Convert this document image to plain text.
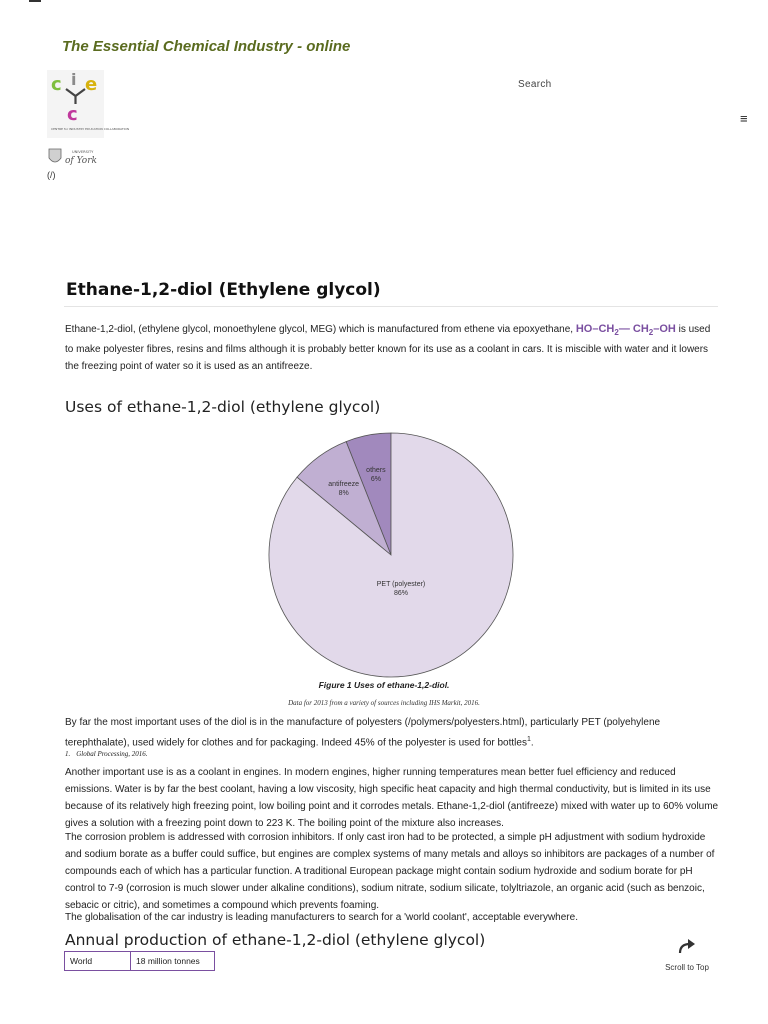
The Essential Chemical Industry - online

c i e
c
CENTRE for INDUSTRY EDUCATION COLLABORATION
UNIVERSITY
of York
(/)
Search
≡
Ethane-1,2-diol (Ethylene glycol)

Ethane-1,2-diol, (ethylene glycol, monoethylene glycol, MEG) which is manufactured from ethene via epoxyethane, $HO-CH_2—$ $CH_2-OH$ is used to make polyester fibres, resins and films although it is probably better known for its use as a coolant in cars. It is miscible with water and it lowers the freezing point of water so it is used as an antifreeze.

Uses of ethane-1,2-diol (ethylene glycol)
others
6%
antifreeze
8%
PET (polyester)
86%
Figure 1 Uses of ethane-1,2-diol.
Data for 2013 from a variety of sources including IHS Markit, 2016.

By far the most important uses of the diol is in the manufacture of polyesters (/polymers/polyesters.html), particularly PET (polyehylene terephthalate), used widely for clothes and for packaging. Indeed 45% of the polyester is used for bottles$^1$.

1. Global Processing, 2016.

Another important use is as a coolant in engines. In modern engines, higher running temperatures mean better fuel efficiency and reduced emissions. Water is by far the best coolant, having a low viscosity, high specific heat capacity and high thermal conductivity, but is limited in its use because of its relatively high freezing point, low boiling point and it corrodes metals. Ethane-1,2-diol (antifreeze) mixed with water up to 60% volume gives a solution with a freezing point down to 223 K. The boiling point of the mixture also increases.

The corrosion problem is addressed with corrosion inhibitors. If only cast iron had to be protected, a simple pH adjustment with sodium hydroxide and sodium borate as a buffer could suffice, but engines are complex systems of many metals and alloys so inhibitors are packages of a number of compounds each of which has a particular function. A traditional European package might contain sodium hydroxide and sodium borate for pH control to 7-9 (corrosion is much slower under alkaline conditions), sodium nitrate, sodium silicate, tolyltriazole, an organic acid (such as benzoic, sebacic or citric), and sometimes a compound which prevents foaming.

The globalisation of the car industry is leading manufacturers to search for a 'world coolant', acceptable everywhere.

Annual production of ethane-1,2-diol (ethylene glycol)
World	18 million tonnes
Scroll to Top
